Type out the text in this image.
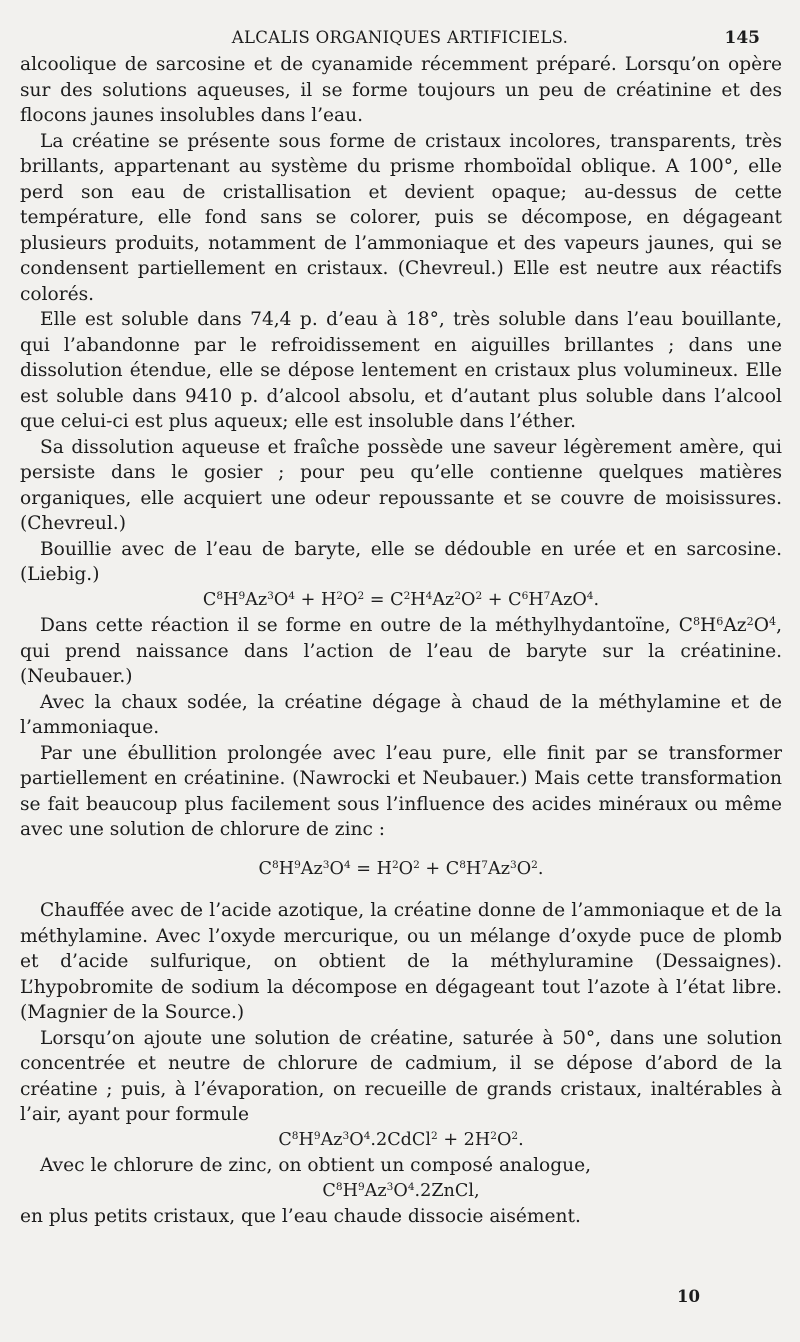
ALCALIS ORGANIQUES ARTIFICIELS.	145

alcoolique de sarcosine et de cyanamide récemment préparé. Lorsqu’on opère sur des solutions aqueuses, il se forme toujours un peu de créatinine et des flocons jaunes insolubles dans l’eau.

La créatine se présente sous forme de cristaux incolores, transparents, très brillants, appartenant au système du prisme rhomboïdal oblique. A 100°, elle perd son eau de cristallisation et devient opaque; au-dessus de cette température, elle fond sans se colorer, puis se décompose, en dégageant plusieurs produits, notamment de l’ammoniaque et des vapeurs jaunes, qui se condensent partiellement en cristaux. (Chevreul.) Elle est neutre aux réactifs colorés.

Elle est soluble dans 74,4 p. d’eau à 18°, très soluble dans l’eau bouillante, qui l’abandonne par le refroidissement en aiguilles brillantes ; dans une dissolution étendue, elle se dépose lentement en cristaux plus volumineux. Elle est soluble dans 9410 p. d’alcool absolu, et d’autant plus soluble dans l’alcool que celui-ci est plus aqueux; elle est insoluble dans l’éther.

Sa dissolution aqueuse et fraîche possède une saveur légèrement amère, qui persiste dans le gosier ; pour peu qu’elle contienne quelques matières organiques, elle acquiert une odeur repoussante et se couvre de moisissures. (Chevreul.)

Bouillie avec de l’eau de baryte, elle se dédouble en urée et en sarcosine. (Liebig.)

$C^8H^9Az^3O^4 + H^2O^2 = C^2H^4Az^2O^2 + C^6H^7AzO^4$.

Dans cette réaction il se forme en outre de la méthylhydantoïne, $C^8H^6Az^2O^4$, qui prend naissance dans l’action de l’eau de baryte sur la créatinine. (Neubauer.)

Avec la chaux sodée, la créatine dégage à chaud de la méthylamine et de l’ammoniaque.

Par une ébullition prolongée avec l’eau pure, elle finit par se transformer partiellement en créatinine. (Nawrocki et Neubauer.) Mais cette transformation se fait beaucoup plus facilement sous l’influence des acides minéraux ou même avec une solution de chlorure de zinc :

$C^8H^9Az^3O^4 = H^2O^2 + C^8H^7Az^3O^2$.

Chauffée avec de l’acide azotique, la créatine donne de l’ammoniaque et de la méthylamine. Avec l’oxyde mercurique, ou un mélange d’oxyde puce de plomb et d’acide sulfurique, on obtient de la méthyluramine (Dessaignes). L’hypobromite de sodium la décompose en dégageant tout l’azote à l’état libre. (Magnier de la Source.)

Lorsqu’on ajoute une solution de créatine, saturée à 50°, dans une solution concentrée et neutre de chlorure de cadmium, il se dépose d’abord de la créatine ; puis, à l’évaporation, on recueille de grands cristaux, inaltérables à l’air, ayant pour formule

$C^8H^9Az^3O^4.2CdCl^2 + 2H^2O^2$.

Avec le chlorure de zinc, on obtient un composé analogue,

$C^8H^9Az^3O^4.2ZnCl$,

en plus petits cristaux, que l’eau chaude dissocie aisément.

10
